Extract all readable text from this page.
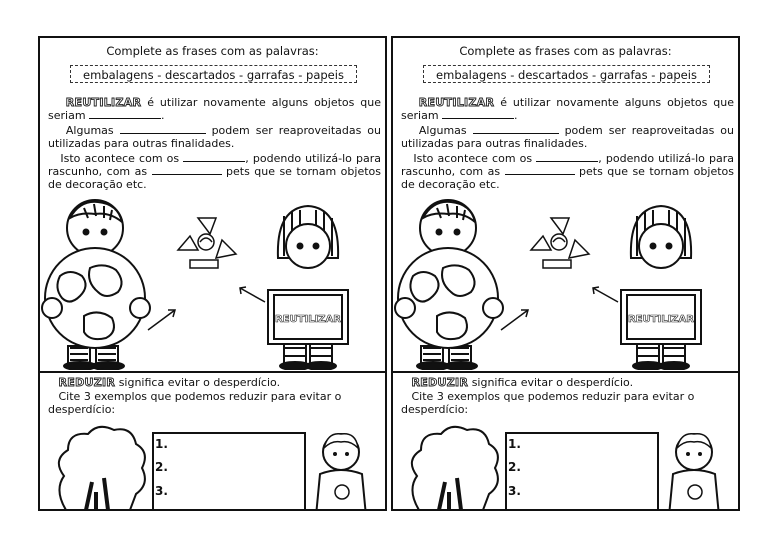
Complete as frases com as palavras:
embalagens - descartados - garrafas - papeis
REUTILIZAR é utilizar novamente alguns objetos que seriam	.
Algumas	podem ser reaproveitadas ou utilizadas para outras finalidades.
Isto acontece com os	, podendo utilizá-lo para rascunho, com as	pets que se tornam objetos de decoração etc.
REUTILIZAR
REDUZIR significa evitar o desperdício.
Cite 3 exemplos que podemos reduzir para evitar o desperdício:
1.
2.
3.
Complete as frases com as palavras:
embalagens - descartados - garrafas - papeis
REUTILIZAR é utilizar novamente alguns objetos que seriam	.
Algumas	podem ser reaproveitadas ou utilizadas para outras finalidades.
Isto acontece com os	, podendo utilizá-lo para rascunho, com as	pets que se tornam objetos de decoração etc.
REUTILIZAR
REDUZIR significa evitar o desperdício.
Cite 3 exemplos que podemos reduzir para evitar o desperdício:
1.
2.
3.
